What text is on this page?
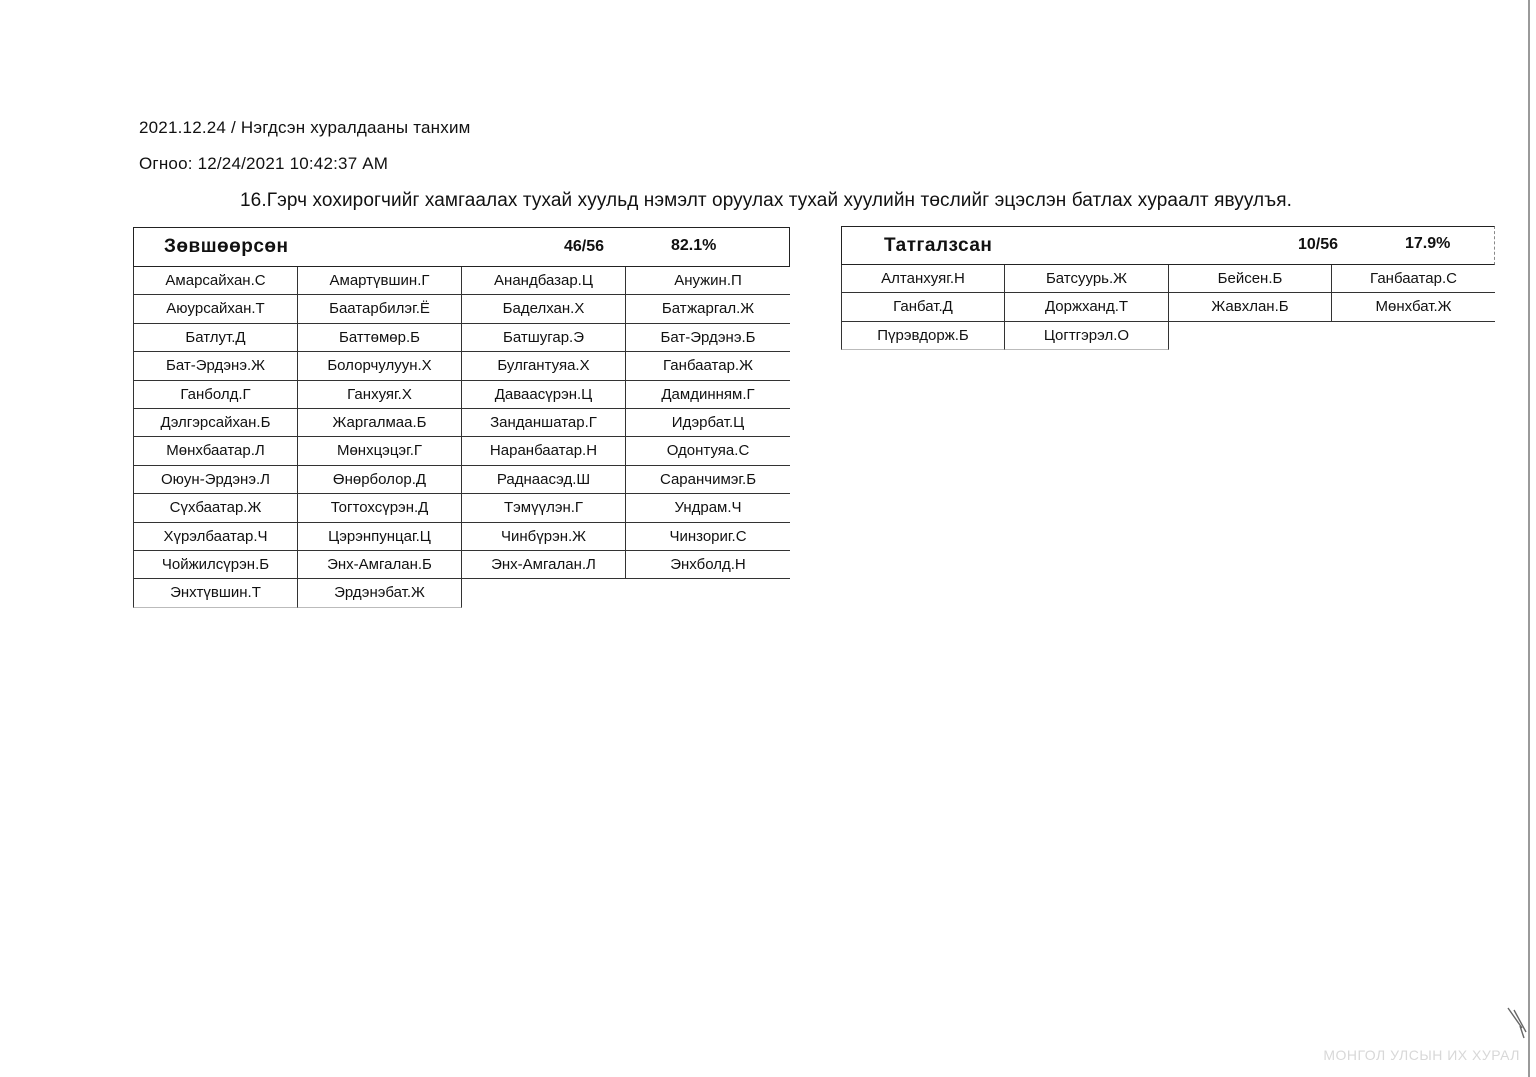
2021.12.24 / Нэгдсэн хуралдааны танхим
Огноо: 12/24/2021 10:42:37 AM
16.Гэрч хохирогчийг хамгаалах тухай хуульд нэмэлт оруулах тухай хуулийн төслийг эцэслэн батлах хураалт явуулъя.
Зөвшөөрсөн	46/56	82.1%
Амарсайхан.С	Амартүвшин.Г	Анандбазар.Ц	Анужин.П
Аюурсайхан.Т	Баатарбилэг.Ё	Баделхан.Х	Батжаргал.Ж
Батлут.Д	Баттөмөр.Б	Батшугар.Э	Бат-Эрдэнэ.Б
Бат-Эрдэнэ.Ж	Болорчулуун.Х	Булгантуяа.Х	Ганбаатар.Ж
Ганболд.Г	Ганхуяг.Х	Даваасүрэн.Ц	Дамдинням.Г
Дэлгэрсайхан.Б	Жаргалмаа.Б	Занданшатар.Г	Идэрбат.Ц
Мөнхбаатар.Л	Мөнхцэцэг.Г	Наранбаатар.Н	Одонтуяа.С
Оюун-Эрдэнэ.Л	Өнөрболор.Д	Раднаасэд.Ш	Саранчимэг.Б
Сүхбаатар.Ж	Тогтохсүрэн.Д	Тэмүүлэн.Г	Ундрам.Ч
Хүрэлбаатар.Ч	Цэрэнпунцаг.Ц	Чинбүрэн.Ж	Чинзориг.С
Чойжилсүрэн.Б	Энх-Амгалан.Б	Энх-Амгалан.Л	Энхболд.Н
Энхтүвшин.Т	Эрдэнэбат.Ж
Татгалзсан	10/56	17.9%
Алтанхуяг.Н	Батсуурь.Ж	Бейсен.Б	Ганбаатар.С
Ганбат.Д	Доржханд.Т	Жавхлан.Б	Мөнхбат.Ж
Пүрэвдорж.Б	Цогтгэрэл.О
МОНГОЛ УЛСЫН ИХ ХУРАЛ
